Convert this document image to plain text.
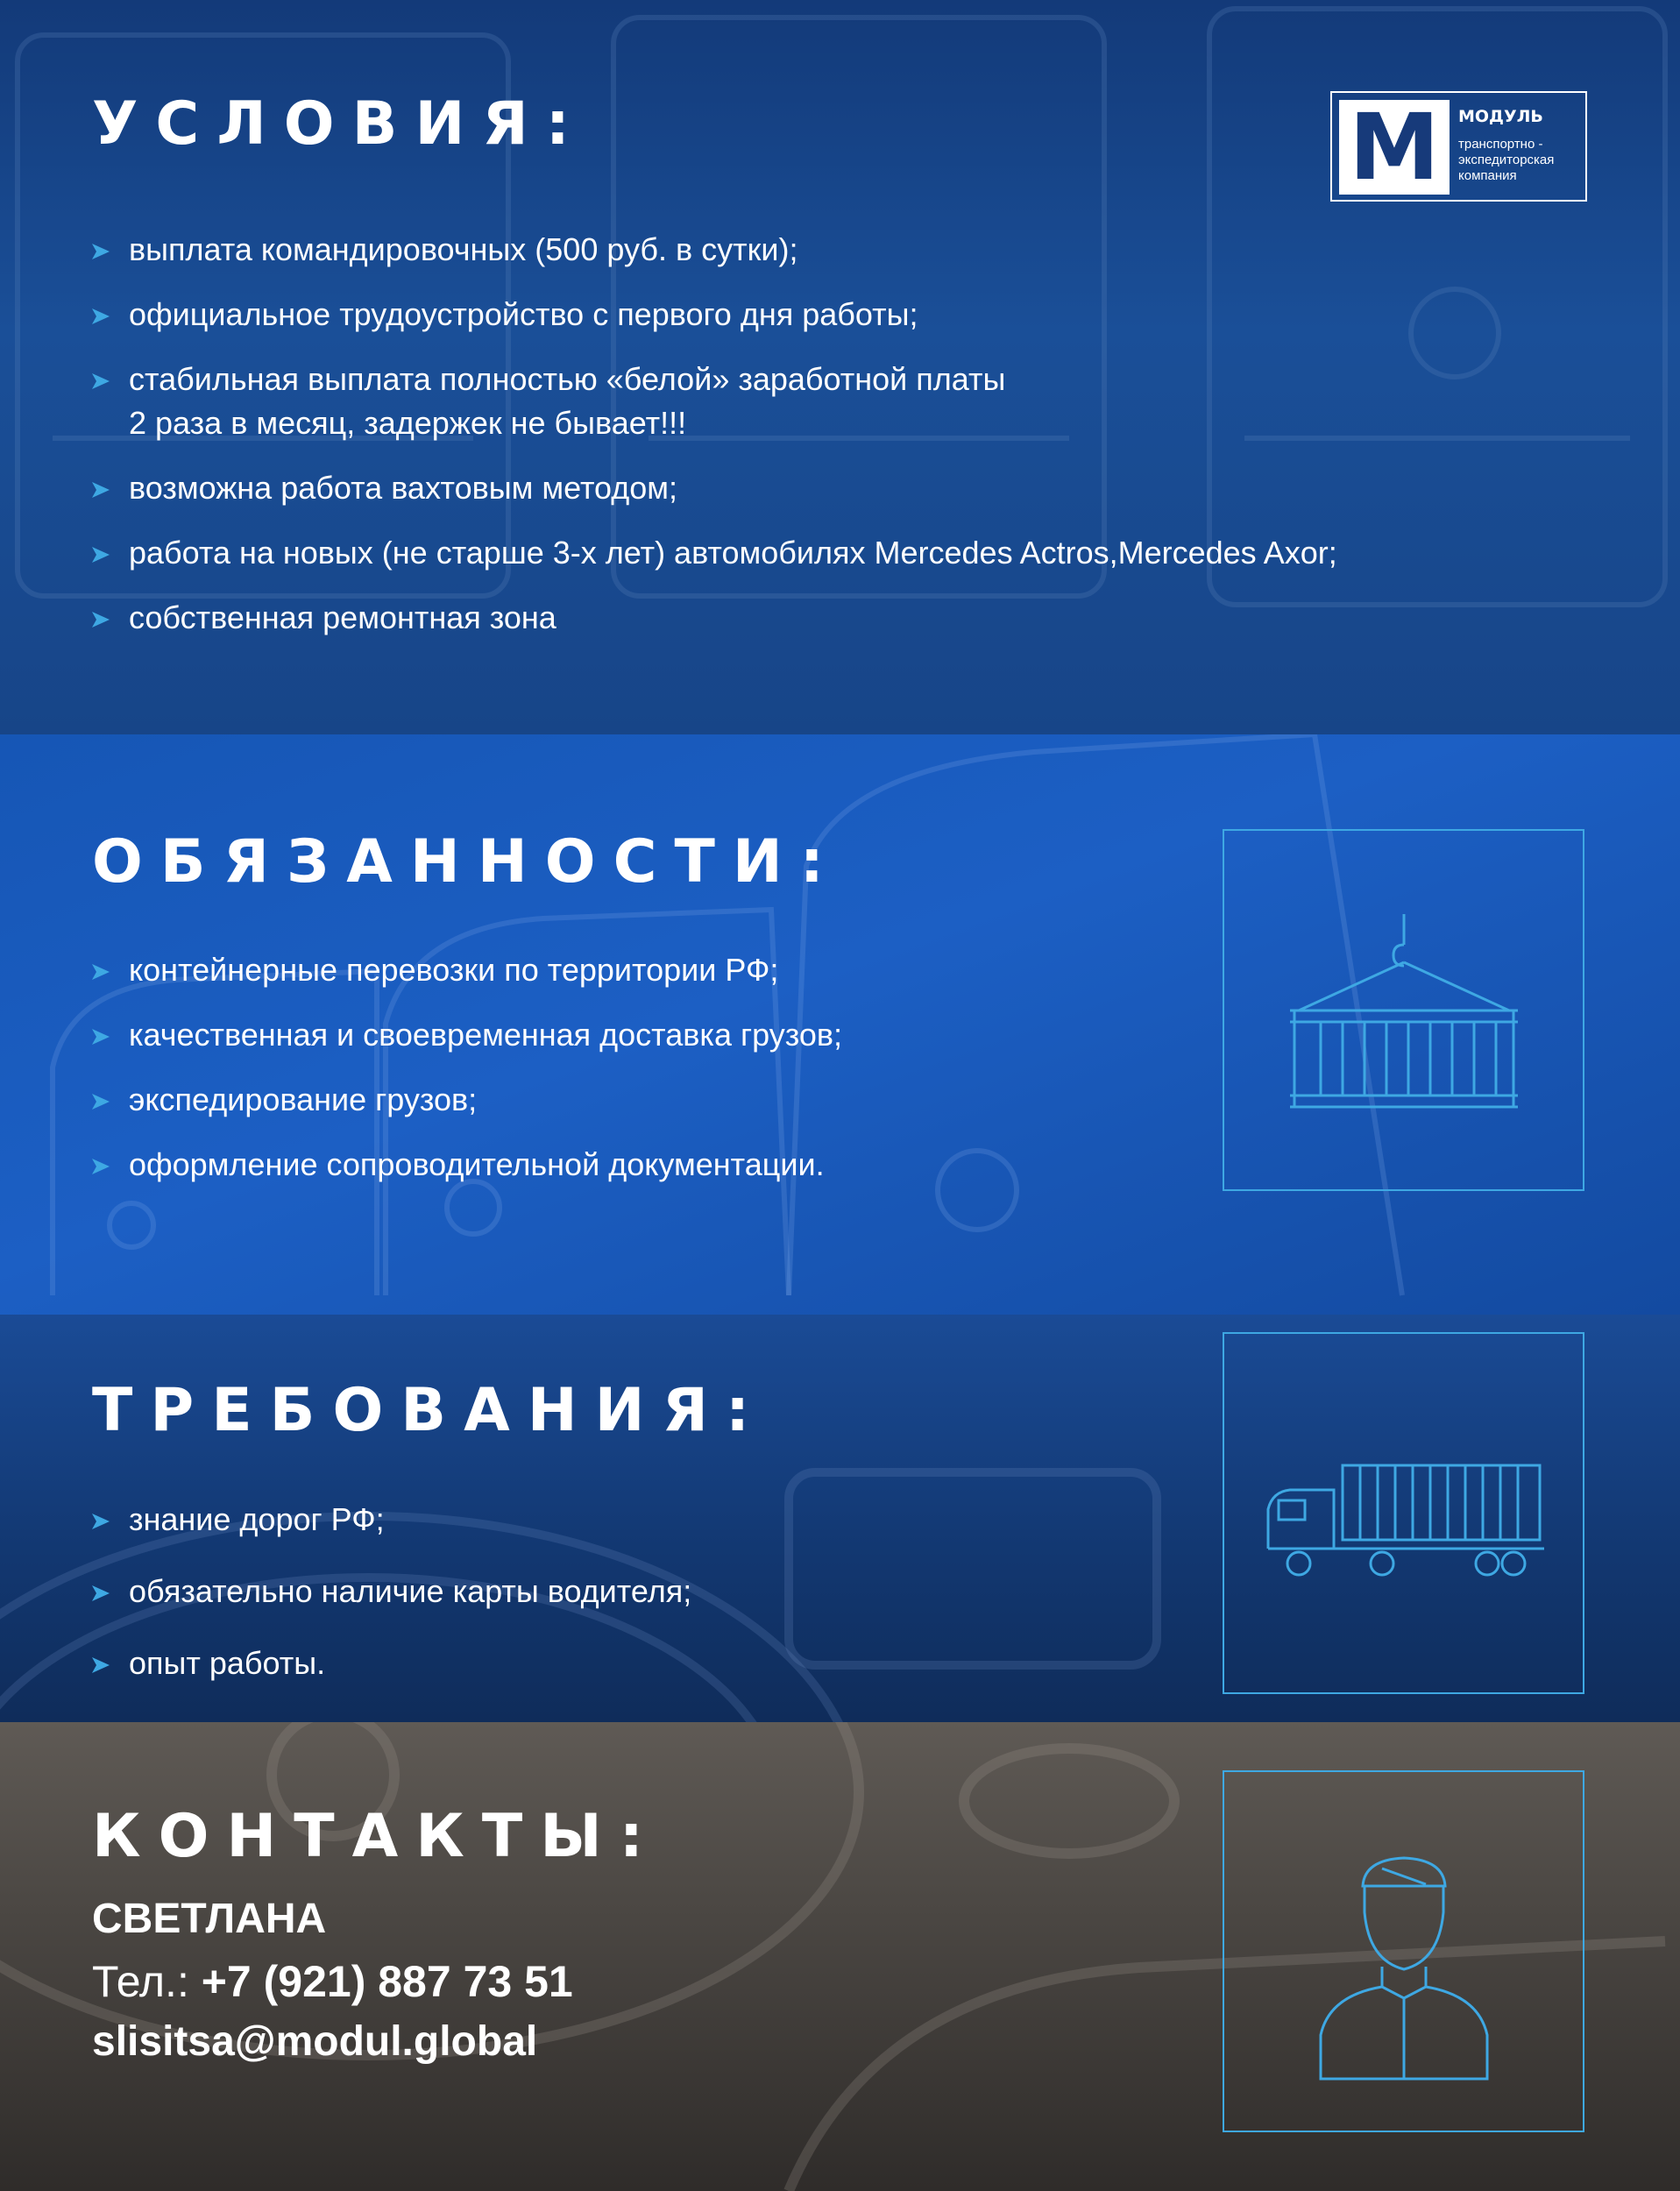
УСЛОВИЯ:	М	МОДУЛЬ
транспортно -
экспедиторская
компания
выплата командировочных (500 руб. в сутки);
официальное трудоустройство с первого дня работы;
стабильная выплата полностью «белой» заработной платы
2 раза в месяц, задержек не бывает!!!
возможна работа вахтовым методом;
работа на новых (не старше 3-х лет) автомобилях Mercedes Actros,Mercedes Axor;
собственная ремонтная зона
ОБЯЗАННОСТИ:
контейнерные перевозки по территории РФ;
качественная и своевременная доставка грузов;
экспедирование грузов;
оформление сопроводительной документации.
ТРЕБОВАНИЯ:
знание дорог РФ;
обязательно наличие карты водителя;
опыт работы.
КОНТАКТЫ:
СВЕТЛАНА
Тел.: +7 (921) 887 73 51
slisitsa@modul.global
